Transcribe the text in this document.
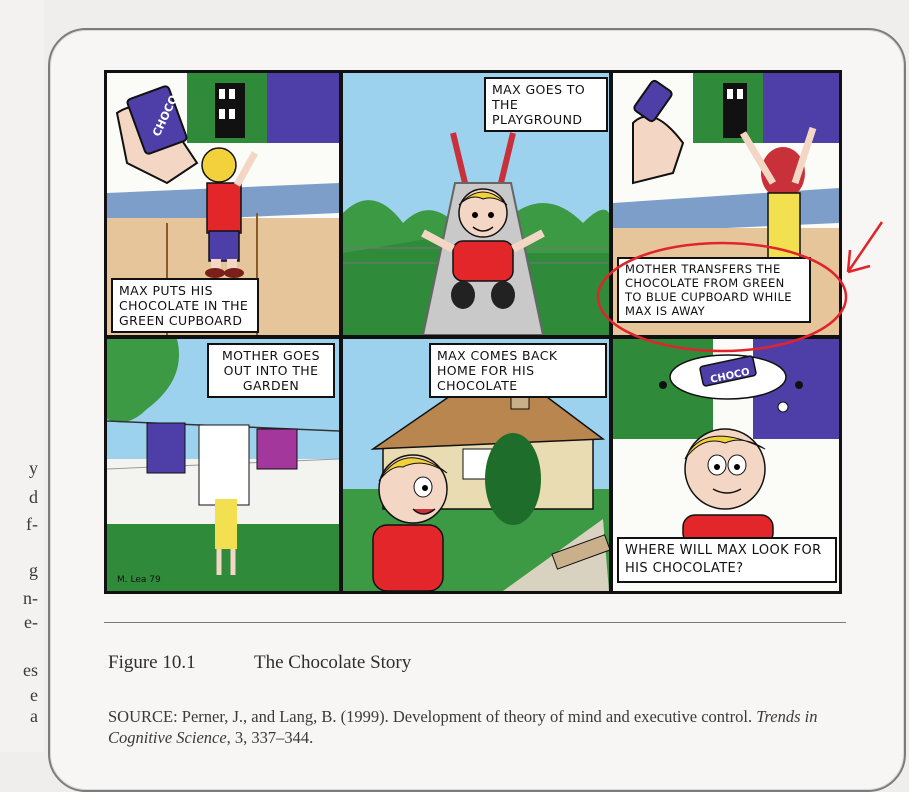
y
d
f-
g
n-
e-
es
e
a
CHOCO
MAX PUTS HIS CHOCOLATE IN THE GREEN CUPBOARD
MAX GOES TO THE PLAYGROUND
MOTHER TRANSFERS THE CHOCOLATE FROM GREEN TO BLUE CUPBOARD WHILE MAX IS AWAY
M. Lea 79
MOTHER GOES OUT INTO THE GARDEN
MAX COMES BACK HOME FOR HIS CHOCOLATE	CHOCO
WHERE WILL MAX LOOK FOR HIS CHOCOLATE?
Figure 10.1	The Chocolate Story
SOURCE: Perner, J., and Lang, B. (1999). Development of theory of mind and executive control. Trends in Cognitive Science, 3, 337–344.
